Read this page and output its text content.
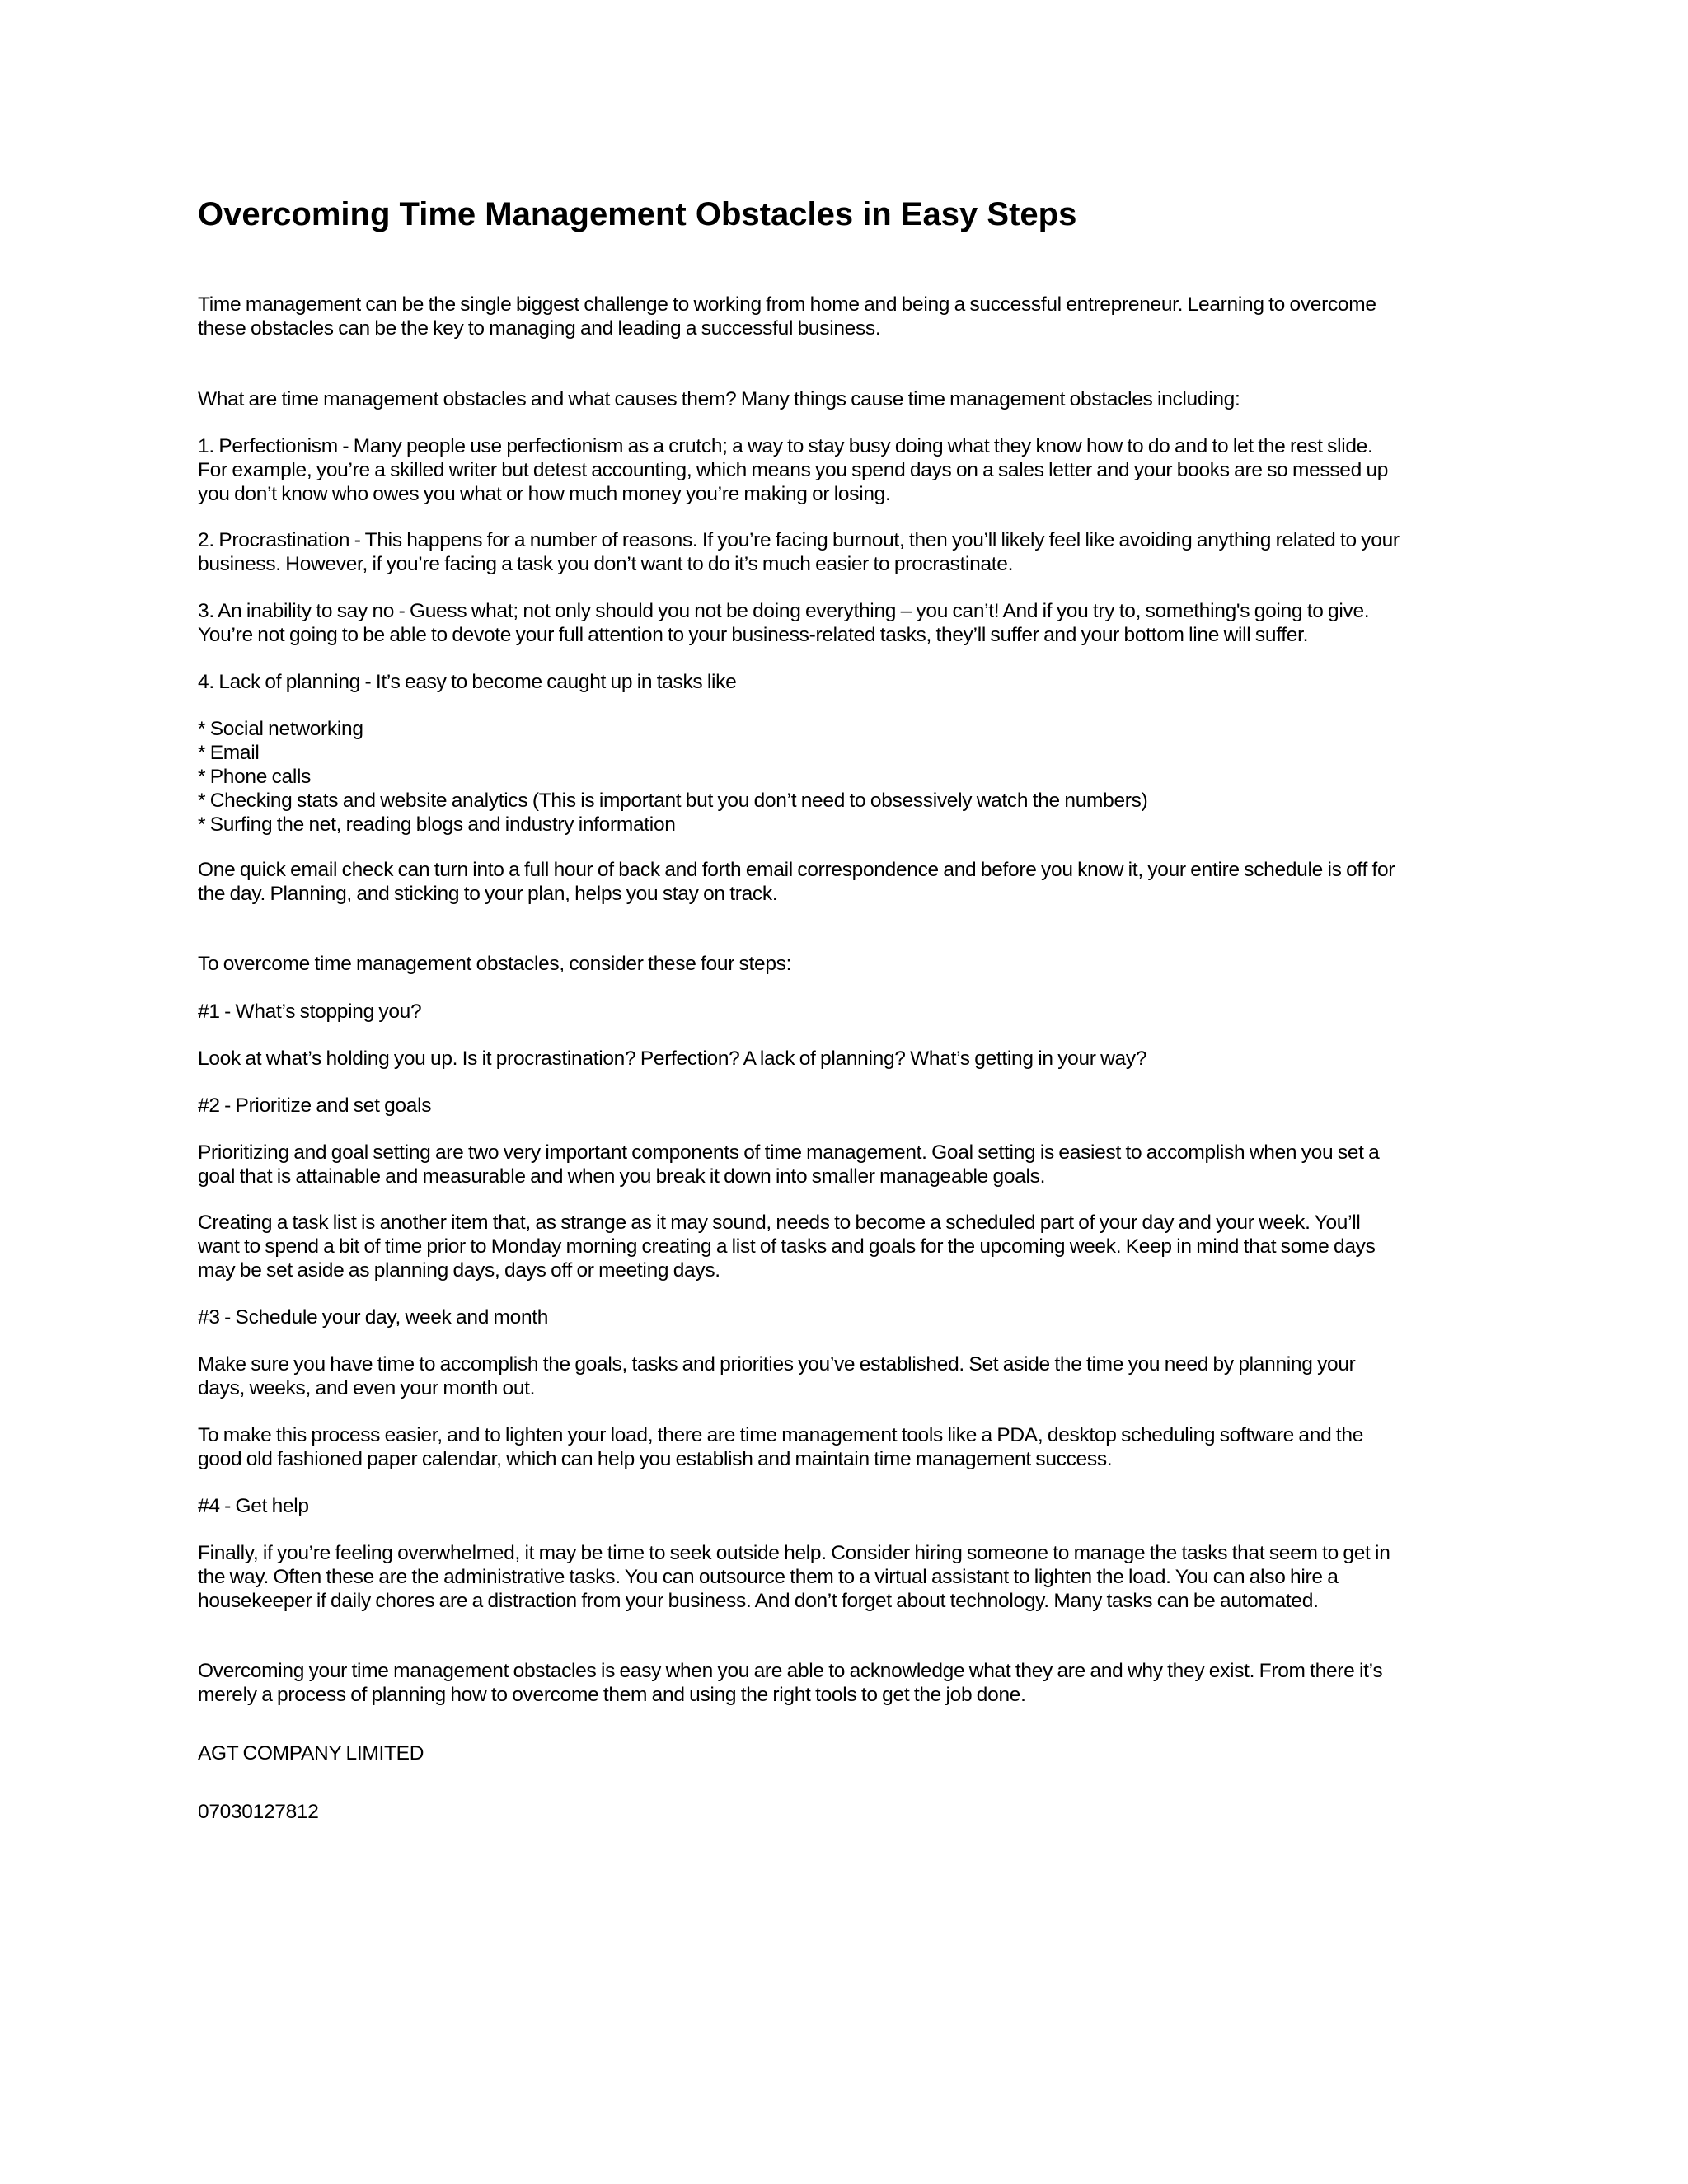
Overcoming Time Management Obstacles in Easy Steps
Time management can be the single biggest challenge to working from home and being a successful entrepreneur. Learning to overcome
these obstacles can be the key to managing and leading a successful business.
What are time management obstacles and what causes them? Many things cause time management obstacles including:
1. Perfectionism - Many people use perfectionism as a crutch; a way to stay busy doing what they know how to do and to let the rest slide.
For example, you’re a skilled writer but detest accounting, which means you spend days on a sales letter and your books are so messed up
you don’t know who owes you what or how much money you’re making or losing.
2. Procrastination - This happens for a number of reasons. If you’re facing burnout, then you’ll likely feel like avoiding anything related to your
business. However, if you’re facing a task you don’t want to do it’s much easier to procrastinate.
3. An inability to say no - Guess what; not only should you not be doing everything – you can’t! And if you try to, something's going to give.
You’re not going to be able to devote your full attention to your business-related tasks, they’ll suffer and your bottom line will suffer.
4. Lack of planning - It’s easy to become caught up in tasks like
* Social networking
* Email
* Phone calls
* Checking stats and website analytics (This is important but you don’t need to obsessively watch the numbers)
* Surfing the net, reading blogs and industry information
One quick email check can turn into a full hour of back and forth email correspondence and before you know it, your entire schedule is off for
the day. Planning, and sticking to your plan, helps you stay on track.
To overcome time management obstacles, consider these four steps:
#1 - What’s stopping you?
Look at what’s holding you up. Is it procrastination? Perfection? A lack of planning? What’s getting in your way?
#2 - Prioritize and set goals
Prioritizing and goal setting are two very important components of time management. Goal setting is easiest to accomplish when you set a
goal that is attainable and measurable and when you break it down into smaller manageable goals.
Creating a task list is another item that, as strange as it may sound, needs to become a scheduled part of your day and your week. You’ll
want to spend a bit of time prior to Monday morning creating a list of tasks and goals for the upcoming week. Keep in mind that some days
may be set aside as planning days, days off or meeting days.
#3 - Schedule your day, week and month
Make sure you have time to accomplish the goals, tasks and priorities you’ve established. Set aside the time you need by planning your
days, weeks, and even your month out.
To make this process easier, and to lighten your load, there are time management tools like a PDA, desktop scheduling software and the
good old fashioned paper calendar, which can help you establish and maintain time management success.
#4 - Get help
Finally, if you’re feeling overwhelmed, it may be time to seek outside help. Consider hiring someone to manage the tasks that seem to get in
the way. Often these are the administrative tasks. You can outsource them to a virtual assistant to lighten the load. You can also hire a
housekeeper if daily chores are a distraction from your business. And don’t forget about technology. Many tasks can be automated.
Overcoming your time management obstacles is easy when you are able to acknowledge what they are and why they exist. From there it’s
merely a process of planning how to overcome them and using the right tools to get the job done.
AGT COMPANY LIMITED
07030127812
